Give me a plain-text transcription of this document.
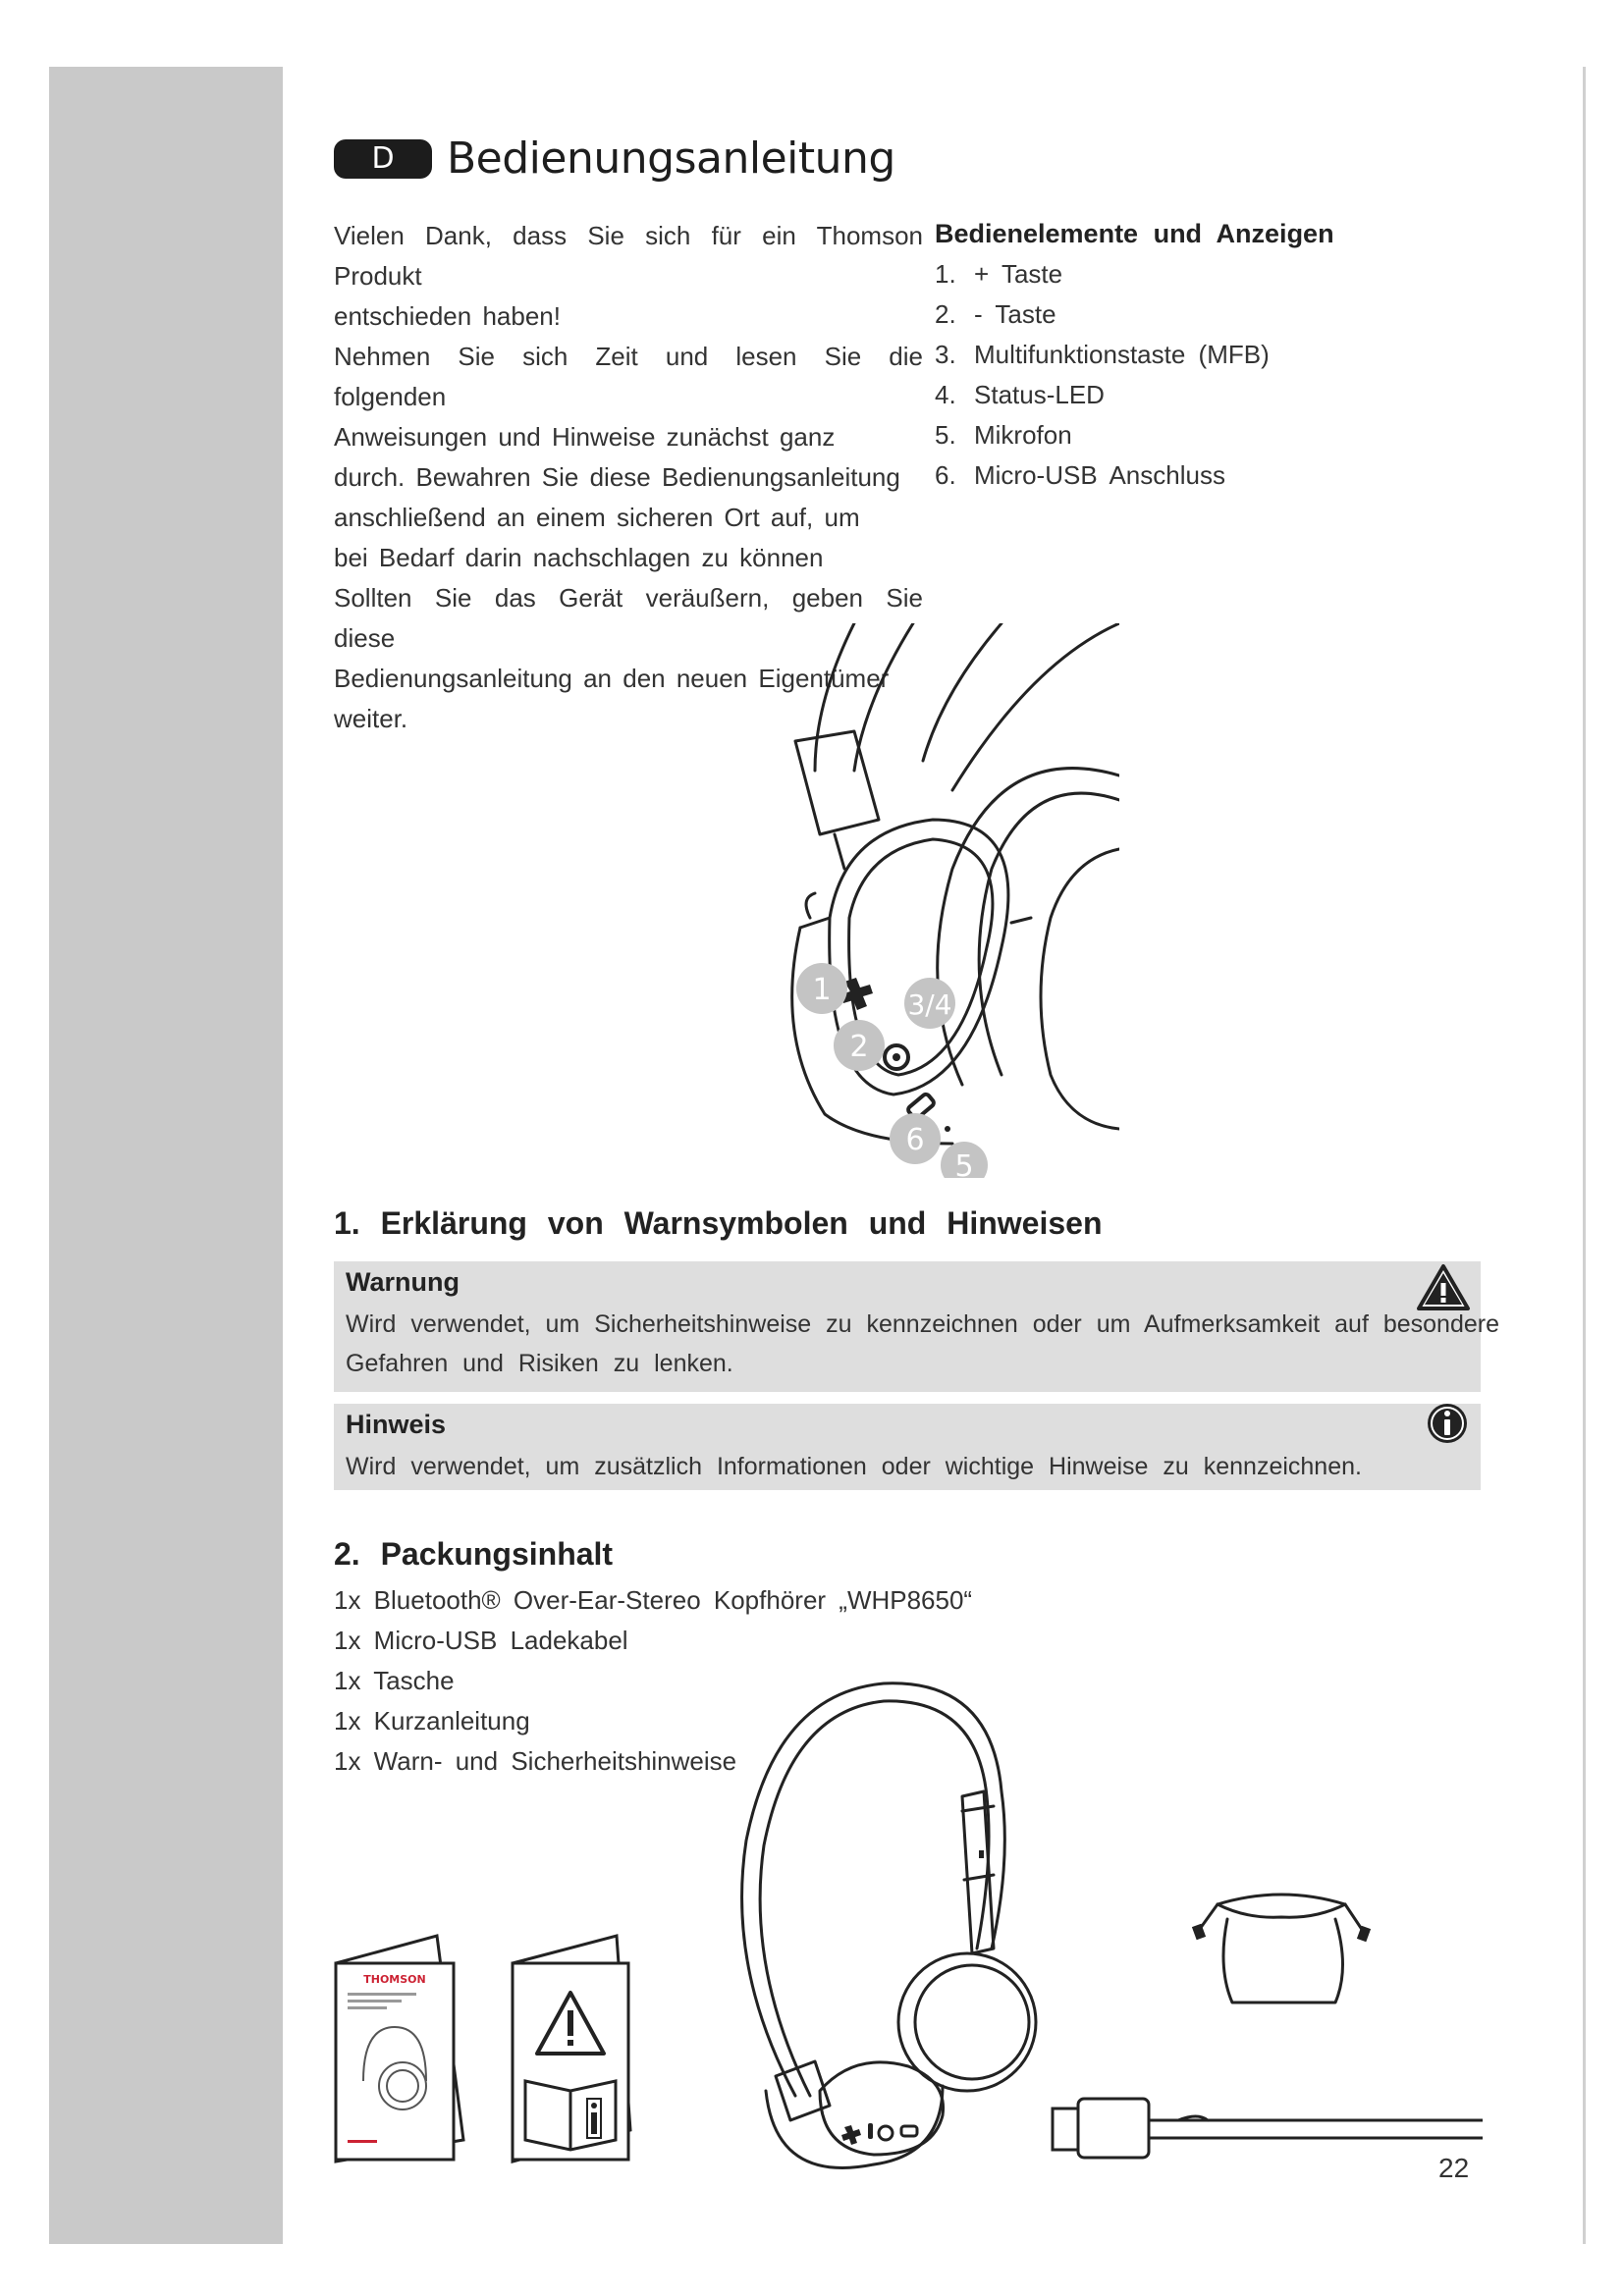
D	Bedienungsanleitung
Vielen Dank, dass Sie sich für ein Thomson Produkt
entschieden haben!
Nehmen Sie sich Zeit und lesen Sie die folgenden
Anweisungen und Hinweise zunächst ganz
durch. Bewahren Sie diese Bedienungsanleitung
anschließend an einem sicheren Ort auf, um
bei Bedarf darin nachschlagen zu können
Sollten Sie das Gerät veräußern, geben Sie diese
Bedienungsanleitung an den neuen Eigentümer
weiter.
Bedienelemente und Anzeigen
1. + Taste
2. - Taste
3. Multifunktionstaste (MFB)
4. Status-LED
5. Mikrofon
6. Micro-USB Anschluss
1
2
3/4
6
5
1. Erklärung von Warnsymbolen und Hinweisen
Warnung
Wird verwendet, um Sicherheitshinweise zu kennzeichnen oder um Aufmerksamkeit auf besondere
Gefahren und Risiken zu lenken.
Hinweis
Wird verwendet, um zusätzlich Informationen oder wichtige Hinweise zu kennzeichnen.
2. Packungsinhalt
1x Bluetooth® Over-Ear-Stereo Kopfhörer „WHP8650“
1x Micro-USB Ladekabel
1x Tasche
1x Kurzanleitung
1x Warn- und Sicherheitshinweise
THOMSON
22
